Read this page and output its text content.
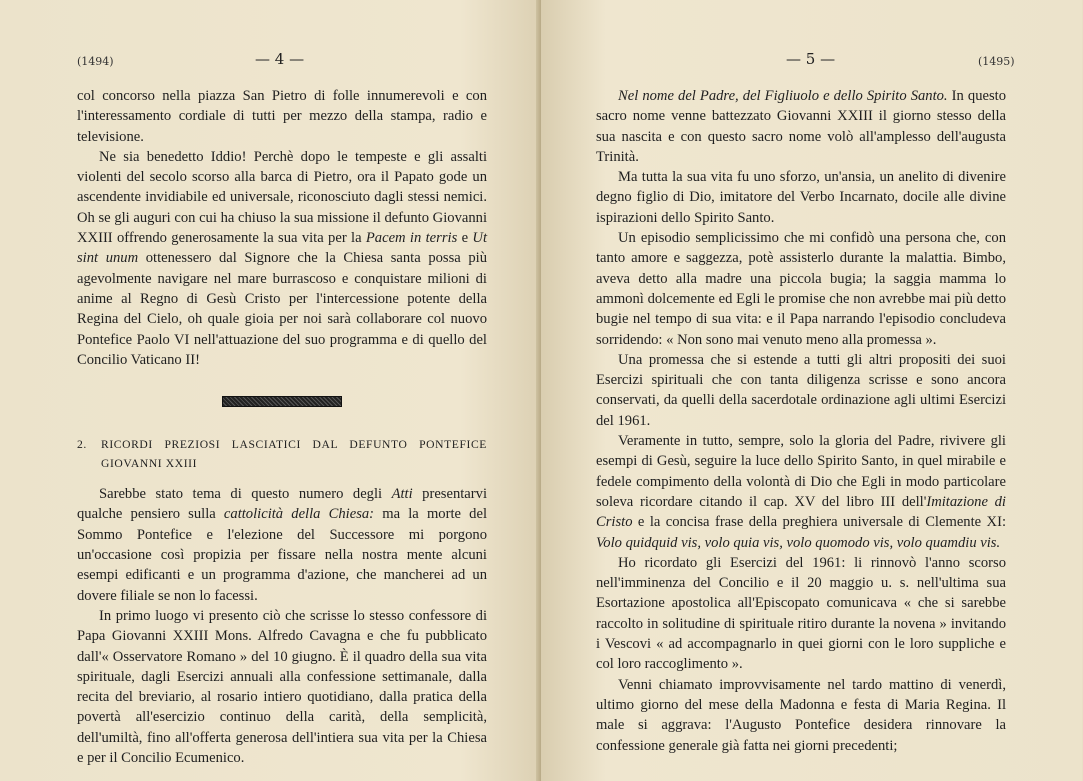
(1494)	— 4 —

col concorso nella piazza San Pietro di folle innumerevoli e con l'interessamento cordiale di tutti per mezzo della stampa, radio e televisione.

Ne sia benedetto Iddio! Perchè dopo le tempeste e gli assalti violenti del secolo scorso alla barca di Pietro, ora il Papato gode un ascendente invidiabile ed universale, riconosciuto dagli stessi nemici. Oh se gli auguri con cui ha chiuso la sua missione il defunto Giovanni XXIII offrendo generosamente la sua vita per la Pacem in terris e Ut sint unum ottenessero dal Signore che la Chiesa santa possa più agevolmente navigare nel mare burrascoso e conquistare milioni di anime al Regno di Gesù Cristo per l'intercessione potente della Regina del Cielo, oh quale gioia per noi sarà collaborare col nuovo Pontefice Paolo VI nell'attuazione del suo programma e di quello del Concilio Vaticano II!

2.	RICORDI PREZIOSI LASCIATICI DAL DEFUNTO PONTEFICE GIOVANNI XXIII

Sarebbe stato tema di questo numero degli Atti presentarvi qualche pensiero sulla cattolicità della Chiesa: ma la morte del Sommo Pontefice e l'elezione del Successore mi porgono un'occasione così propizia per fissare nella nostra mente alcuni esempi edificanti e un programma d'azione, che mancherei ad un dovere filiale se non lo facessi.

In primo luogo vi presento ciò che scrisse lo stesso confessore di Papa Giovanni XXIII Mons. Alfredo Cavagna e che fu pubblicato dall'« Osservatore Romano » del 10 giugno. È il quadro della sua vita spirituale, dagli Esercizi annuali alla confessione settimanale, dalla recita del breviario, al rosario intiero quotidiano, dalla pratica della povertà all'esercizio continuo della carità, della semplicità, dell'umiltà, fino all'offerta generosa dell'intiera sua vita per la Chiesa e per il Concilio Ecumenico.

— 5 —	(1495)

Nel nome del Padre, del Figliuolo e dello Spirito Santo. In questo sacro nome venne battezzato Giovanni XXIII il giorno stesso della sua nascita e con questo sacro nome volò all'amplesso dell'augusta Trinità.

Ma tutta la sua vita fu uno sforzo, un'ansia, un anelito di divenire degno figlio di Dio, imitatore del Verbo Incarnato, docile alle divine ispirazioni dello Spirito Santo.

Un episodio semplicissimo che mi confidò una persona che, con tanto amore e saggezza, potè assisterlo durante la malattia. Bimbo, aveva detto alla madre una piccola bugia; la saggia mamma lo ammonì dolcemente ed Egli le promise che non avrebbe mai più detto bugie nel tempo di sua vita: e il Papa narrando l'episodio concludeva sorridendo: « Non sono mai venuto meno alla promessa ».

Una promessa che si estende a tutti gli altri propositi dei suoi Esercizi spirituali che con tanta diligenza scrisse e sono ancora conservati, da quelli della sacerdotale ordinazione agli ultimi Esercizi del 1961.

Veramente in tutto, sempre, solo la gloria del Padre, rivivere gli esempi di Gesù, seguire la luce dello Spirito Santo, in quel mirabile e fedele compimento della volontà di Dio che Egli in modo particolare soleva ricordare citando il cap. XV del libro III dell'Imitazione di Cristo e la concisa frase della preghiera universale di Clemente XI: Volo quidquid vis, volo quia vis, volo quomodo vis, volo quamdiu vis.

Ho ricordato gli Esercizi del 1961: li rinnovò l'anno scorso nell'imminenza del Concilio e il 20 maggio u. s. nell'ultima sua Esortazione apostolica all'Episcopato comunicava « che si sarebbe raccolto in solitudine di spirituale ritiro durante la novena » invitando i Vescovi « ad accompagnarlo in quei giorni con le loro suppliche e col loro raccoglimento ».

Venni chiamato improvvisamente nel tardo mattino di venerdì, ultimo giorno del mese della Madonna e festa di Maria Regina. Il male si aggrava: l'Augusto Pontefice desidera rinnovare la confessione generale già fatta nei giorni precedenti;
